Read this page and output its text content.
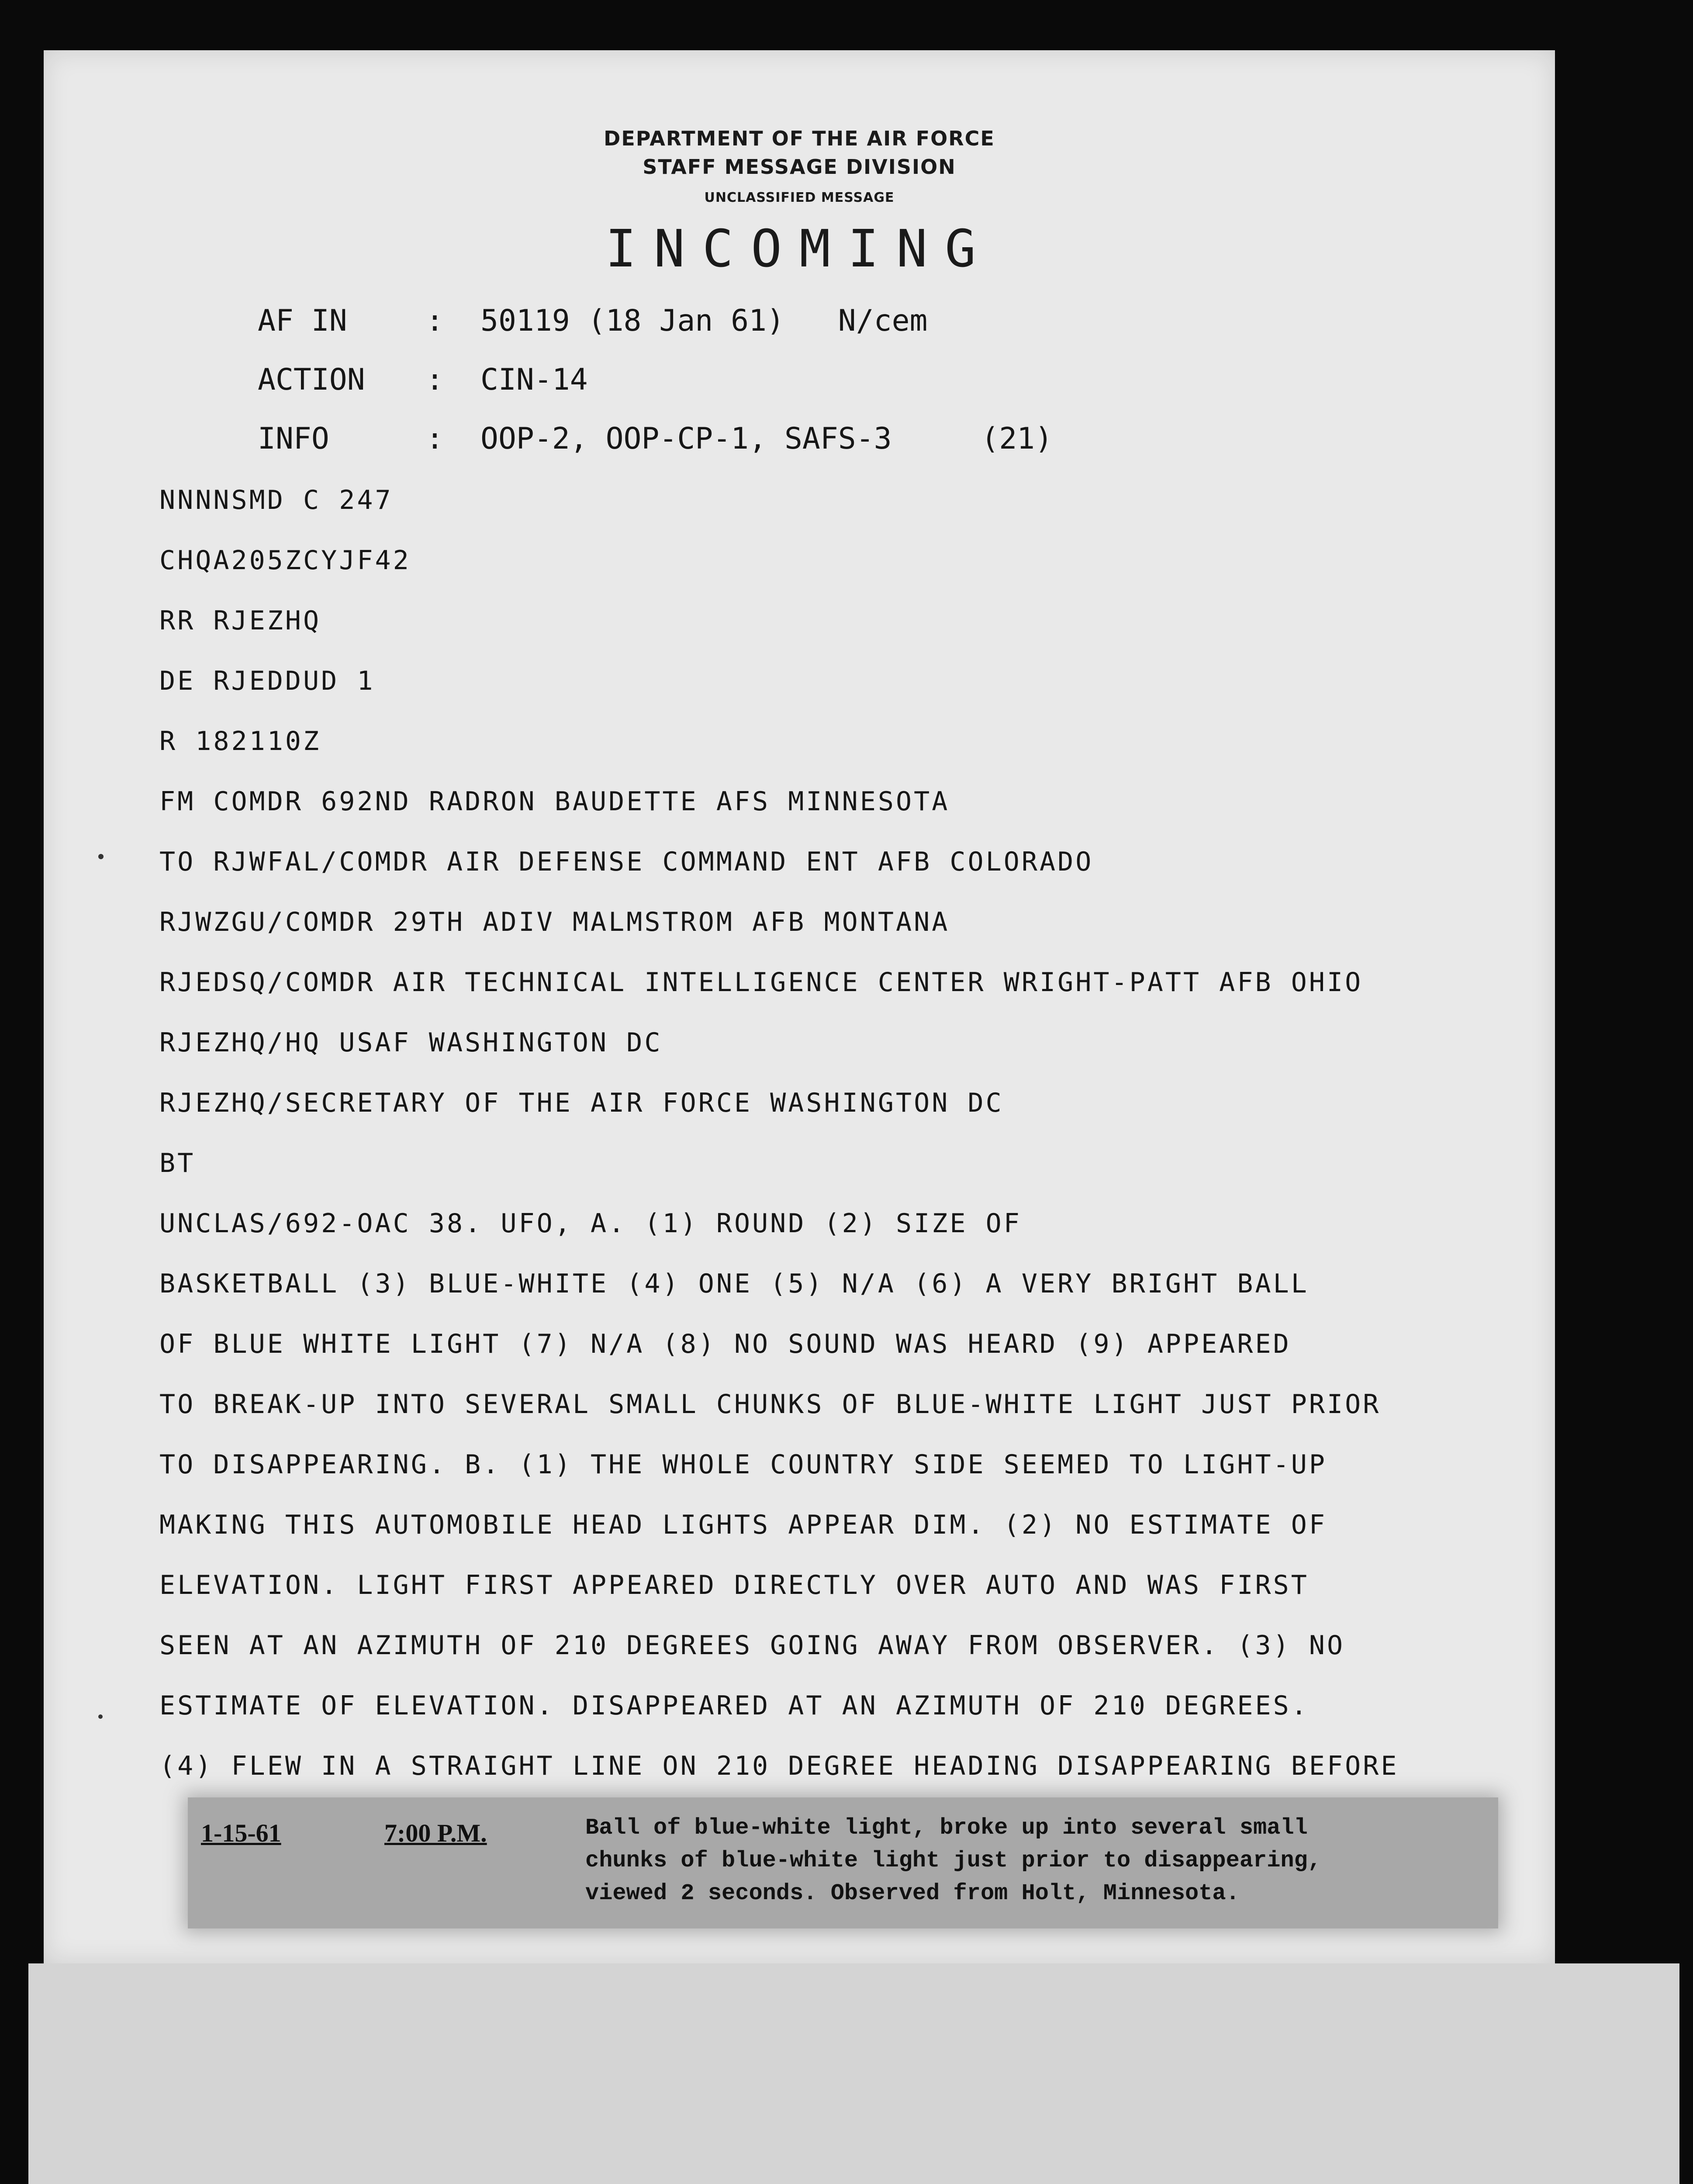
DEPARTMENT OF THE AIR FORCE
STAFF MESSAGE DIVISION
UNCLASSIFIED MESSAGE
INCOMING
AF IN	: 50119 (18 Jan 61)   N/cem
ACTION : CIN-14
INFO	: OOP-2, OOP-CP-1, SAFS-3     (21)
NNNNSMD C 247
CHQA205ZCYJF42
RR RJEZHQ
DE RJEDDUD 1
R 182110Z
FM COMDR 692ND RADRON BAUDETTE AFS MINNESOTA
TO RJWFAL/COMDR AIR DEFENSE COMMAND ENT AFB COLORADO
RJWZGU/COMDR 29TH ADIV MALMSTROM AFB MONTANA
RJEDSQ/COMDR AIR TECHNICAL INTELLIGENCE CENTER WRIGHT-PATT AFB OHIO
RJEZHQ/HQ USAF WASHINGTON DC
RJEZHQ/SECRETARY OF THE AIR FORCE WASHINGTON DC
BT
UNCLAS/692-OAC 38. UFO, A. (1) ROUND (2) SIZE OF
BASKETBALL (3) BLUE-WHITE (4) ONE (5) N/A (6) A VERY BRIGHT BALL
OF BLUE WHITE LIGHT (7) N/A (8) NO SOUND WAS HEARD (9) APPEARED
TO BREAK-UP INTO SEVERAL SMALL CHUNKS OF BLUE-WHITE LIGHT JUST PRIOR
TO DISAPPEARING. B. (1) THE WHOLE COUNTRY SIDE SEEMED TO LIGHT-UP
MAKING THIS AUTOMOBILE HEAD LIGHTS APPEAR DIM. (2) NO ESTIMATE OF
ELEVATION. LIGHT FIRST APPEARED DIRECTLY OVER AUTO AND WAS FIRST
SEEN AT AN AZIMUTH OF 210 DEGREES GOING AWAY FROM OBSERVER. (3) NO
ESTIMATE OF ELEVATION. DISAPPEARED AT AN AZIMUTH OF 210 DEGREES.
(4) FLEW IN A STRAIGHT LINE ON 210 DEGREE HEADING DISAPPEARING BEFORE
1-15-61	7:00 P.M.	Ball of blue-white light, broke up into several small
chunks of blue-white light just prior to disappearing,
viewed 2 seconds. Observed from Holt, Minnesota.
